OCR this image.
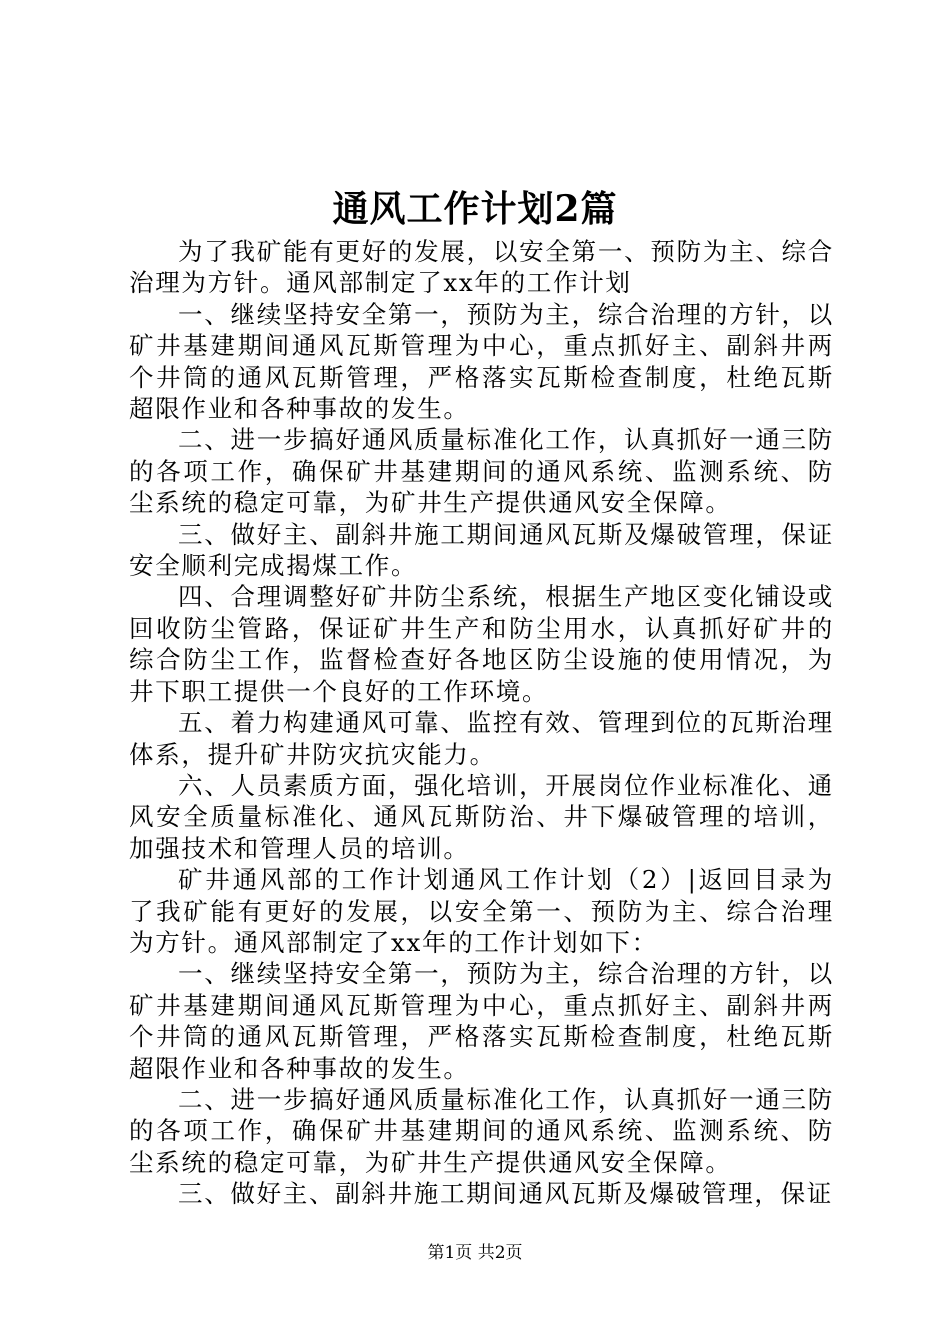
通风工作计划2篇

为了我矿能有更好的发展，以安全第一、预防为主、综合治理为方针。通风部制定了xx年的工作计划

一、继续坚持安全第一，预防为主，综合治理的方针，以矿井基建期间通风瓦斯管理为中心，重点抓好主、副斜井两个井筒的通风瓦斯管理，严格落实瓦斯检查制度，杜绝瓦斯超限作业和各种事故的发生。

二、进一步搞好通风质量标准化工作，认真抓好一通三防的各项工作，确保矿井基建期间的通风系统、监测系统、防尘系统的稳定可靠，为矿井生产提供通风安全保障。

三、做好主、副斜井施工期间通风瓦斯及爆破管理，保证安全顺利完成揭煤工作。

四、合理调整好矿井防尘系统，根据生产地区变化铺设或回收防尘管路，保证矿井生产和防尘用水，认真抓好矿井的综合防尘工作，监督检查好各地区防尘设施的使用情况，为井下职工提供一个良好的工作环境。

五、着力构建通风可靠、监控有效、管理到位的瓦斯治理体系，提升矿井防灾抗灾能力。

六、人员素质方面，强化培训，开展岗位作业标准化、通风安全质量标准化、通风瓦斯防治、井下爆破管理的培训，加强技术和管理人员的培训。

矿井通风部的工作计划通风工作计划（2）|返回目录为了我矿能有更好的发展，以安全第一、预防为主、综合治理为方针。通风部制定了xx年的工作计划如下：

一、继续坚持安全第一，预防为主，综合治理的方针，以矿井基建期间通风瓦斯管理为中心，重点抓好主、副斜井两个井筒的通风瓦斯管理，严格落实瓦斯检查制度，杜绝瓦斯超限作业和各种事故的发生。

二、进一步搞好通风质量标准化工作，认真抓好一通三防的各项工作，确保矿井基建期间的通风系统、监测系统、防尘系统的稳定可靠，为矿井生产提供通风安全保障。

三、做好主、副斜井施工期间通风瓦斯及爆破管理，保证

第1页 共2页
